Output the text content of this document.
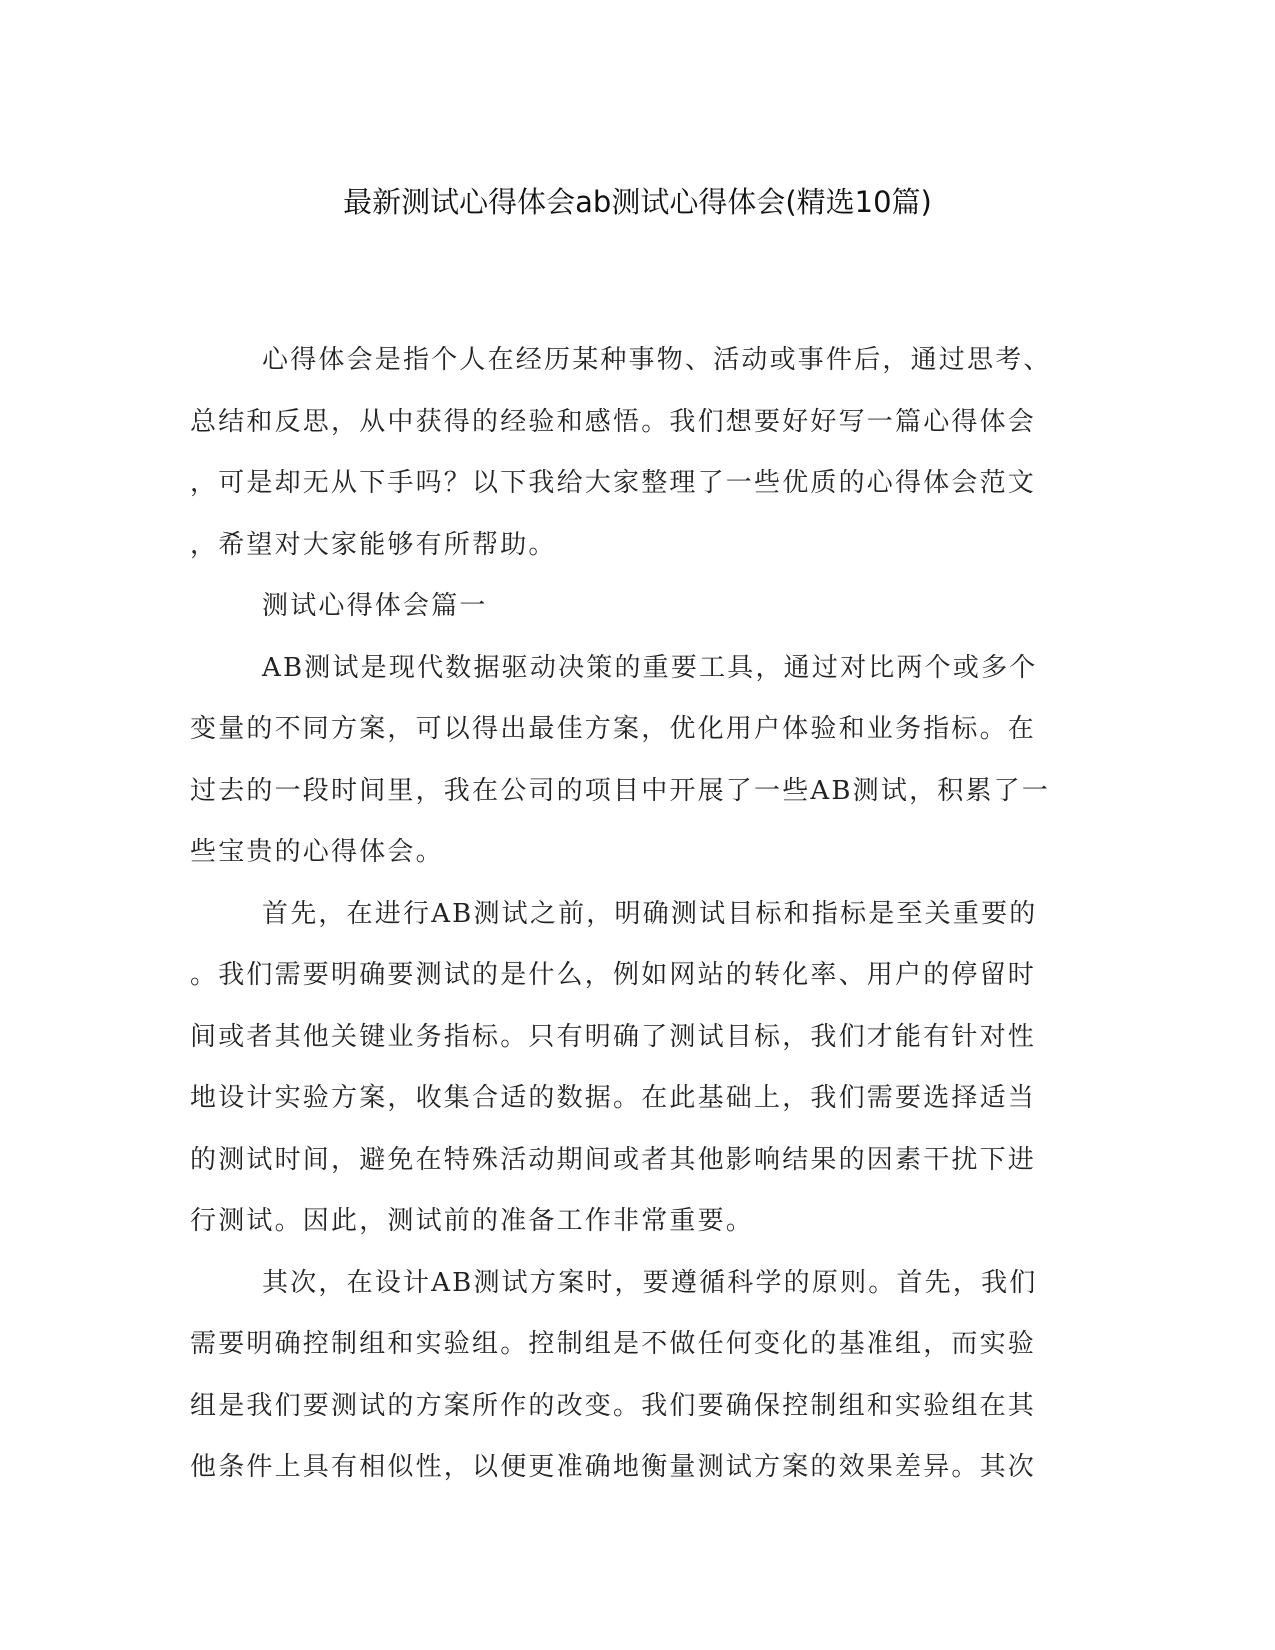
最新测试心得体会ab测试心得体会(精选10篇)
心得体会是指个人在经历某种事物、活动或事件后，通过思考、
总结和反思，从中获得的经验和感悟。我们想要好好写一篇心得体会
，可是却无从下手吗？以下我给大家整理了一些优质的心得体会范文
，希望对大家能够有所帮助。
测试心得体会篇一
AB测试是现代数据驱动决策的重要工具，通过对比两个或多个
变量的不同方案，可以得出最佳方案，优化用户体验和业务指标。在
过去的一段时间里，我在公司的项目中开展了一些AB测试，积累了一
些宝贵的心得体会。
首先，在进行AB测试之前，明确测试目标和指标是至关重要的
。我们需要明确要测试的是什么，例如网站的转化率、用户的停留时
间或者其他关键业务指标。只有明确了测试目标，我们才能有针对性
地设计实验方案，收集合适的数据。在此基础上，我们需要选择适当
的测试时间，避免在特殊活动期间或者其他影响结果的因素干扰下进
行测试。因此，测试前的准备工作非常重要。
其次，在设计AB测试方案时，要遵循科学的原则。首先，我们
需要明确控制组和实验组。控制组是不做任何变化的基准组，而实验
组是我们要测试的方案所作的改变。我们要确保控制组和实验组在其
他条件上具有相似性，以便更准确地衡量测试方案的效果差异。其次
